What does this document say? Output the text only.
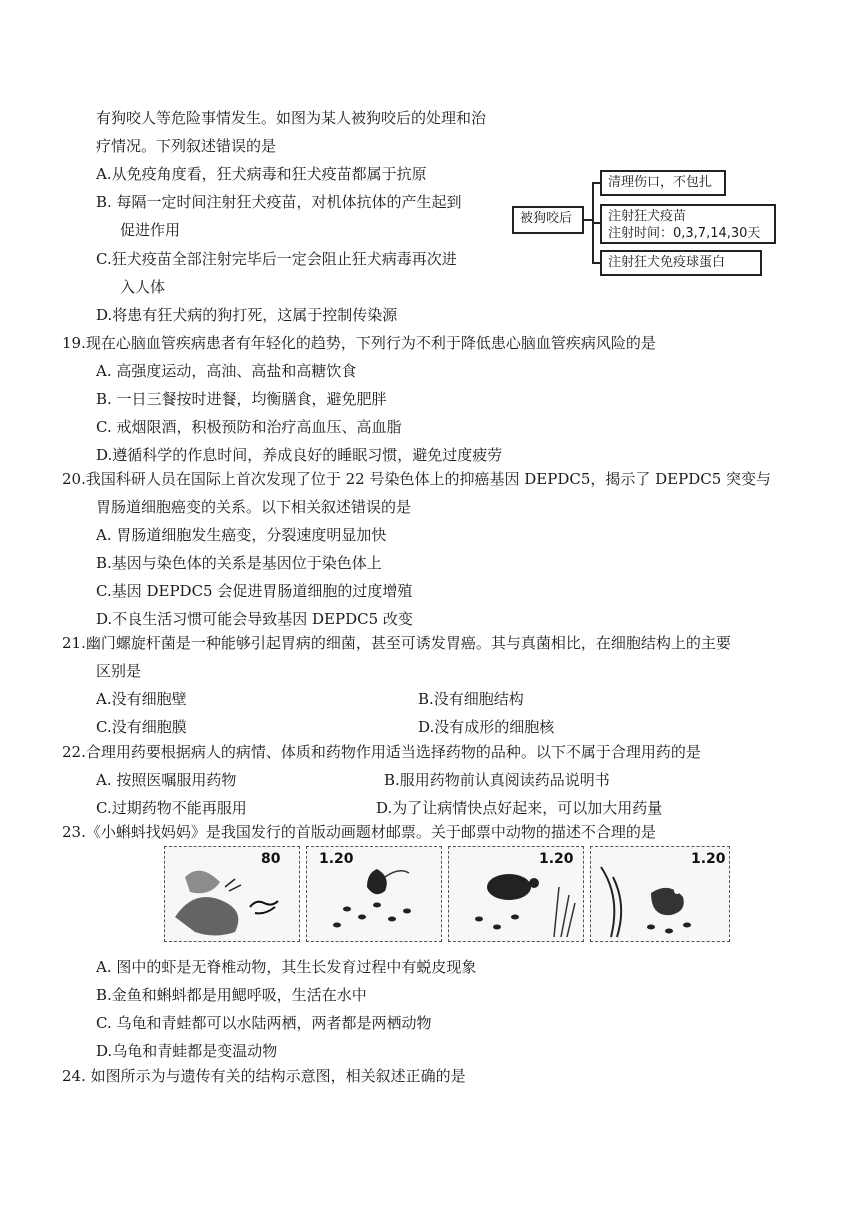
有狗咬人等危险事情发生。如图为某人被狗咬后的处理和治
疗情况。下列叙述错误的是
A.从免疫角度看，狂犬病毒和狂犬疫苗都属于抗原
B. 每隔一定时间注射狂犬疫苗，对机体抗体的产生起到
促进作用
C.狂犬疫苗全部注射完毕后一定会阻止狂犬病毒再次进
入人体
D.将患有狂犬病的狗打死，这属于控制传染源
被狗咬后
清理伤口，不包扎
注射狂犬疫苗
注射时间：0,3,7,14,30天
注射狂犬免疫球蛋白
19.现在心脑血管疾病患者有年轻化的趋势，下列行为不利于降低患心脑血管疾病风险的是
A. 高强度运动，高油、高盐和高糖饮食
B. 一日三餐按时进餐，均衡膳食，避免肥胖
C. 戒烟限酒，积极预防和治疗高血压、高血脂
D.遵循科学的作息时间，养成良好的睡眠习惯，避免过度疲劳
20.我国科研人员在国际上首次发现了位于 22 号染色体上的抑癌基因 DEPDC5，揭示了 DEPDC5 突变与
胃肠道细胞癌变的关系。以下相关叙述错误的是
A. 胃肠道细胞发生癌变，分裂速度明显加快
B.基因与染色体的关系是基因位于染色体上
C.基因 DEPDC5 会促进胃肠道细胞的过度增殖
D.不良生活习惯可能会导致基因 DEPDC5 改变
21.幽门螺旋杆菌是一种能够引起胃病的细菌，甚至可诱发胃癌。其与真菌相比，在细胞结构上的主要
区别是
A.没有细胞壁	B.没有细胞结构
C.没有细胞膜	D.没有成形的细胞核
22.合理用药要根据病人的病情、体质和药物作用适当选择药物的品种。以下不属于合理用药的是
A. 按照医嘱服用药物	B.服用药物前认真阅读药品说明书
C.过期药物不能再服用	D.为了让病情快点好起来，可以加大用药量
23.《小蝌蚪找妈妈》是我国发行的首版动画题材邮票。关于邮票中动物的描述不合理的是
80	1.20	1.20	1.20
A. 图中的虾是无脊椎动物，其生长发育过程中有蜕皮现象
B.金鱼和蝌蚪都是用鳃呼吸，生活在水中
C. 乌龟和青蛙都可以水陆两栖，两者都是两栖动物
D.乌龟和青蛙都是变温动物
24. 如图所示为与遗传有关的结构示意图，相关叙述正确的是
